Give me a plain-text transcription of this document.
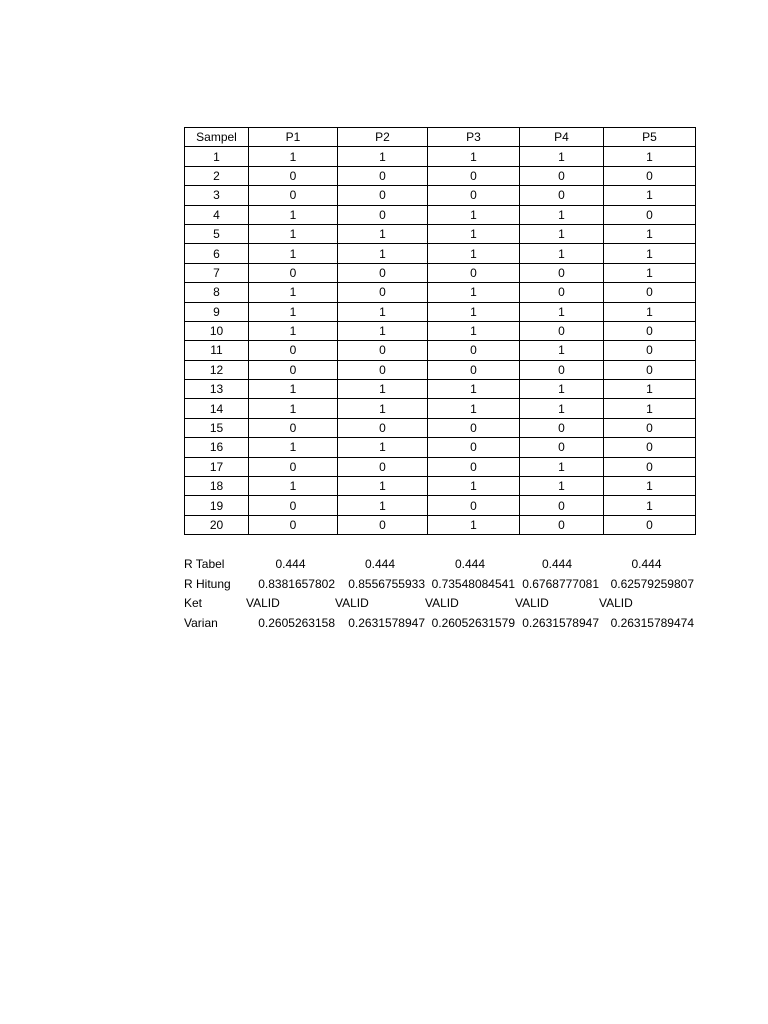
Sampel	P1	P2	P3	P4	P5
1	1	1	1	1	1
2	0	0	0	0	0
3	0	0	0	0	1
4	1	0	1	1	0
5	1	1	1	1	1
6	1	1	1	1	1
7	0	0	0	0	1
8	1	0	1	0	0
9	1	1	1	1	1
10	1	1	1	0	0
11	0	0	0	1	0
12	0	0	0	0	0
13	1	1	1	1	1
14	1	1	1	1	1
15	0	0	0	0	0
16	1	1	0	0	0
17	0	0	0	1	0
18	1	1	1	1	1
19	0	1	0	0	1
20	0	0	1	0	0
R Tabel	0.444	0.444	0.444	0.444	0.444
R Hitung	0.8381657802	0.8556755933	0.73548084541	0.6768777081	0.62579259807
Ket	VALID	VALID	VALID	VALID	VALID
Varian	0.2605263158	0.2631578947	0.26052631579	0.2631578947	0.26315789474
